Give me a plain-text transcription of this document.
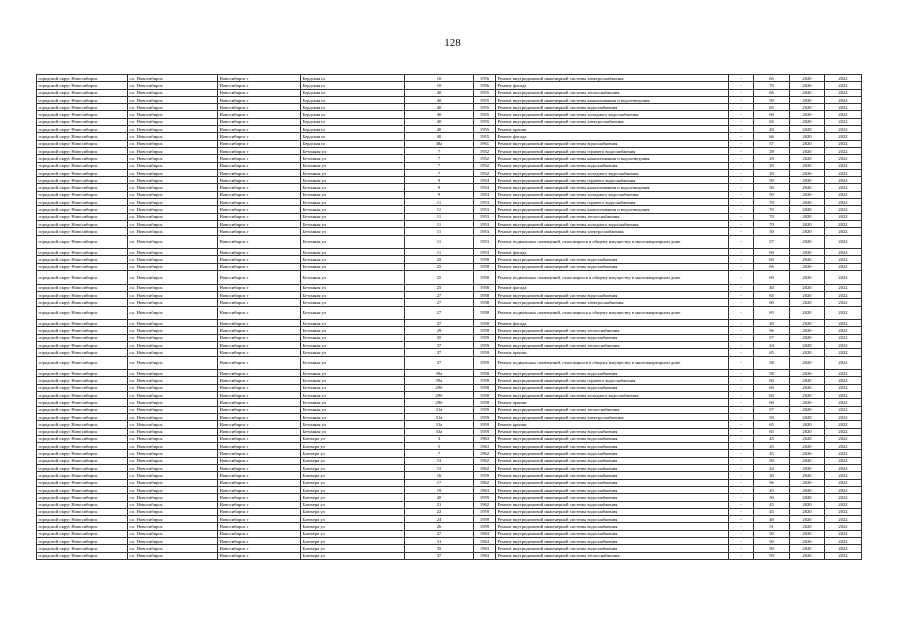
128
городской округ Новосибирск	г.о. Новосибирск	Новосибирск г	Бердская ш	10	1956	Ремонт внутридомовой инженерной системы электроснабжения	-	65	2020	2022
городской округ Новосибирск	г.о. Новосибирск	Новосибирск г	Бердская ш	10	1956	Ремонт фасада	-	70	2020	2022
городской округ Новосибирск	г.о. Новосибирск	Новосибирск г	Бердская ш	40	1955	Ремонт внутридомовой инженерной системы теплоснабжения	-	66	2020	2022
городской округ Новосибирск	г.о. Новосибирск	Новосибирск г	Бердская ш	40	1955	Ремонт внутридомовой инженерной системы канализования и водоотведения	-	50	2020	2022
городской округ Новосибирск	г.о. Новосибирск	Новосибирск г	Бердская ш	40	1955	Ремонт внутридомовой инженерной системы водоснабжения	-	65	2020	2022
городской округ Новосибирск	г.о. Новосибирск	Новосибирск г	Бердская ш	40	1955	Ремонт внутридомовой инженерной системы холодного водоснабжения	-	60	2020	2022
городской округ Новосибирск	г.о. Новосибирск	Новосибирск г	Бердская ш	40	1955	Ремонт внутридомовой инженерной системы электроснабжения	-	65	2020	2022
городской округ Новосибирск	г.о. Новосибирск	Новосибирск г	Бердская ш	40	1955	Ремонт крыши	-	40	2020	2022
городской округ Новосибирск	г.о. Новосибирск	Новосибирск г	Бердская ш	40	1955	Ремонт фасада	-	66	2020	2022
городской округ Новосибирск	г.о. Новосибирск	Новосибирск г	Бердская ш	38а	1961	Ремонт внутридомовой инженерной системы водоснабжения	-	57	2020	2022
городской округ Новосибирск	г.о. Новосибирск	Новосибирск г	Бетонная ул	7	1952	Ремонт внутридомовой инженерной системы горячего водоснабжения	-	29	2020	2022
городской округ Новосибирск	г.о. Новосибирск	Новосибирск г	Бетонная ул	7	1952	Ремонт внутридомовой инженерной системы канализования и водоотведения	-	29	2020	2022
городской округ Новосибирск	г.о. Новосибирск	Новосибирск г	Бетонная ул	7	1952	Ремонт внутридомовой инженерной системы водоснабжения	-	29	2020	2022
городской округ Новосибирск	г.о. Новосибирск	Новосибирск г	Бетонная ул	7	1952	Ремонт внутридомовой инженерной системы холодного водоснабжения	-	29	2020	2022
городской округ Новосибирск	г.о. Новосибирск	Новосибирск г	Бетонная ул	9	1954	Ремонт внутридомовой инженерной системы горячего водоснабжения	-	50	2020	2022
городской округ Новосибирск	г.о. Новосибирск	Новосибирск г	Бетонная ул	9	1954	Ремонт внутридомовой инженерной системы канализования и водоотведения	-	50	2020	2022
городской округ Новосибирск	г.о. Новосибирск	Новосибирск г	Бетонная ул	9	1954	Ремонт внутридомовой инженерной системы холодного водоснабжения	-	50	2020	2022
городской округ Новосибирск	г.о. Новосибирск	Новосибирск г	Бетонная ул	11	1953	Ремонт внутридомовой инженерной системы горячего водоснабжения	-	70	2020	2022
городской округ Новосибирск	г.о. Новосибирск	Новосибирск г	Бетонная ул	11	1953	Ремонт внутридомовой инженерной системы канализования и водоотведения	-	70	2020	2022
городской округ Новосибирск	г.о. Новосибирск	Новосибирск г	Бетонная ул	11	1953	Ремонт внутридомовой инженерной системы теплоснабжения	-	70	2020	2022
городской округ Новосибирск	г.о. Новосибирск	Новосибирск г	Бетонная ул	11	1953	Ремонт внутридомовой инженерной системы холодного водоснабжения	-	70	2020	2022
городской округ Новосибирск	г.о. Новосибирск	Новосибирск г	Бетонная ул	11	1953	Ремонт внутридомовой инженерной системы электроснабжения	-	50	2020	2022
городской округ Новосибирск	г.о. Новосибирск	Новосибирск г	Бетонная ул	11	1953	Ремонт подвальных помещений, относящихся к общему имуществу в многоквартирном доме	-	57	2020	2022
городской округ Новосибирск	г.о. Новосибирск	Новосибирск г	Бетонная ул	11	1953	Ремонт фасада	-	60	2020	2022
городской округ Новосибирск	г.о. Новосибирск	Новосибирск г	Бетонная ул	25	1958	Ремонт внутридомовой инженерной системы водоснабжения	-	60	2020	2022
городской округ Новосибирск	г.о. Новосибирск	Новосибирск г	Бетонная ул	25	1958	Ремонт внутридомовой инженерной системы водоснабжения	-	65	2020	2022
городской округ Новосибирск	г.о. Новосибирск	Новосибирск г	Бетонная ул	25	1958	Ремонт подвальных помещений, относящихся к общему имуществу в многоквартирном доме	-	60	2020	2022
городской округ Новосибирск	г.о. Новосибирск	Новосибирск г	Бетонная ул	25	1958	Ремонт фасада	-	40	2020	2022
городской округ Новосибирск	г.о. Новосибирск	Новосибирск г	Бетонная ул	27	1958	Ремонт внутридомовой инженерной системы водоснабжения	-	65	2020	2022
городской округ Новосибирск	г.о. Новосибирск	Новосибирск г	Бетонная ул	27	1958	Ремонт внутридомовой инженерной системы электроснабжения	-	60	2020	2022
городской округ Новосибирск	г.о. Новосибирск	Новосибирск г	Бетонная ул	27	1958	Ремонт подвальных помещений, относящихся к общему имуществу в многоквартирном доме	-	65	2020	2022
городской округ Новосибирск	г.о. Новосибирск	Новосибирск г	Бетонная ул	27	1958	Ремонт фасада	-	40	2020	2022
городской округ Новосибирск	г.о. Новосибирск	Новосибирск г	Бетонная ул	29	1958	Ремонт внутридомовой инженерной системы теплоснабжения	-	56	2020	2022
городской округ Новосибирск	г.о. Новосибирск	Новосибирск г	Бетонная ул	35	1959	Ремонт внутридомовой инженерной системы водоснабжения	-	57	2020	2022
городской округ Новосибирск	г.о. Новосибирск	Новосибирск г	Бетонная ул	37	1959	Ремонт внутридомовой инженерной системы теплоснабжения	-	24	2020	2022
городской округ Новосибирск	г.о. Новосибирск	Новосибирск г	Бетонная ул	37	1959	Ремонт крыши	-	65	2020	2022
городской округ Новосибирск	г.о. Новосибирск	Новосибирск г	Бетонная ул	37	1959	Ремонт подвальных помещений, относящихся к общему имуществу в многоквартирном доме	-	58	2020	2022
городской округ Новосибирск	г.о. Новосибирск	Новосибирск г	Бетонная ул	39а	1958	Ремонт внутридомовой инженерной системы водоснабжения	-	58	2020	2022
городской округ Новосибирск	г.о. Новосибирск	Новосибирск г	Бетонная ул	39а	1958	Ремонт внутридомовой инженерной системы горячего водоснабжения	-	60	2020	2022
городской округ Новосибирск	г.о. Новосибирск	Новосибирск г	Бетонная ул	29б	1958	Ремонт внутридомовой инженерной системы водоснабжения	-	60	2020	2022
городской округ Новосибирск	г.о. Новосибирск	Новосибирск г	Бетонная ул	29б	1958	Ремонт внутридомовой инженерной системы холодного водоснабжения	-	60	2020	2022
городской округ Новосибирск	г.о. Новосибирск	Новосибирск г	Бетонная ул	29б	1958	Ремонт крыши	-	60	2020	2022
городской округ Новосибирск	г.о. Новосибирск	Новосибирск г	Бетонная ул	31а	1959	Ремонт внутридомовой инженерной системы теплоснабжения	-	57	2020	2022
городской округ Новосибирск	г.о. Новосибирск	Новосибирск г	Бетонная ул	31а	1959	Ремонт внутридомовой инженерной системы электроснабжения	-	50	2020	2022
городской округ Новосибирск	г.о. Новосибирск	Новосибирск г	Бетонная ул	31а	1959	Ремонт крыши	-	65	2020	2022
городской округ Новосибирск	г.о. Новосибирск	Новосибирск г	Бетонная ул	33а	1959	Ремонт внутридомовой инженерной системы водоснабжения	-	65	2020	2022
городской округ Новосибирск	г.о. Новосибирск	Новосибирск г	Блюхера ул	3	1963	Ремонт внутридомовой инженерной системы водоснабжения	-	45	2020	2022
городской округ Новосибирск	г.о. Новосибирск	Новосибирск г	Блюхера ул	5	1963	Ремонт внутридомовой инженерной системы водоснабжения	-	45	2020	2022
городской округ Новосибирск	г.о. Новосибирск	Новосибирск г	Блюхера ул	7	1962	Ремонт внутридомовой инженерной системы водоснабжения	-	45	2020	2022
городской округ Новосибирск	г.о. Новосибирск	Новосибирск г	Блюхера ул	13	1962	Ремонт внутридомовой инженерной системы водоснабжения	-	50	2020	2022
городской округ Новосибирск	г.о. Новосибирск	Новосибирск г	Блюхера ул	15	1962	Ремонт внутридомовой инженерной системы водоснабжения	-	44	2020	2022
городской округ Новосибирск	г.о. Новосибирск	Новосибирск г	Блюхера ул	16	1959	Ремонт внутридомовой инженерной системы водоснабжения	-	30	2020	2022
городской округ Новосибирск	г.о. Новосибирск	Новосибирск г	Блюхера ул	17	1962	Ремонт внутридомовой инженерной системы водоснабжения	-	56	2020	2022
городской округ Новосибирск	г.о. Новосибирск	Новосибирск г	Блюхера ул	19	1963	Ремонт внутридомовой инженерной системы водоснабжения	-	45	2020	2022
городской округ Новосибирск	г.о. Новосибирск	Новосибирск г	Блюхера ул	20	1959	Ремонт внутридомовой инженерной системы водоснабжения	-	30	2020	2022
городской округ Новосибирск	г.о. Новосибирск	Новосибирск г	Блюхера ул	21	1962	Ремонт внутридомовой инженерной системы водоснабжения	-	45	2020	2022
городской округ Новосибирск	г.о. Новосибирск	Новосибирск г	Блюхера ул	22	1959	Ремонт внутридомовой инженерной системы водоснабжения	-	45	2020	2022
городской округ Новосибирск	г.о. Новосибирск	Новосибирск г	Блюхера ул	24	1959	Ремонт внутридомовой инженерной системы водоснабжения	-	40	2020	2022
городской округ Новосибирск	г.о. Новосибирск	Новосибирск г	Блюхера ул	26	1959	Ремонт внутридомовой инженерной системы водоснабжения	-	51	2020	2022
городской округ Новосибирск	г.о. Новосибирск	Новосибирск г	Блюхера ул	27	1963	Ремонт внутридомовой инженерной системы водоснабжения	-	50	2020	2022
городской округ Новосибирск	г.о. Новосибирск	Новосибирск г	Блюхера ул	31	1964	Ремонт внутридомовой инженерной системы водоснабжения	-	50	2020	2022
городской округ Новосибирск	г.о. Новосибирск	Новосибирск г	Блюхера ул	35	1963	Ремонт внутридомовой инженерной системы водоснабжения	-	50	2020	2022
городской округ Новосибирск	г.о. Новосибирск	Новосибирск г	Блюхера ул	37	1963	Ремонт внутридомовой инженерной системы теплоснабжения	-	59	2020	2022
